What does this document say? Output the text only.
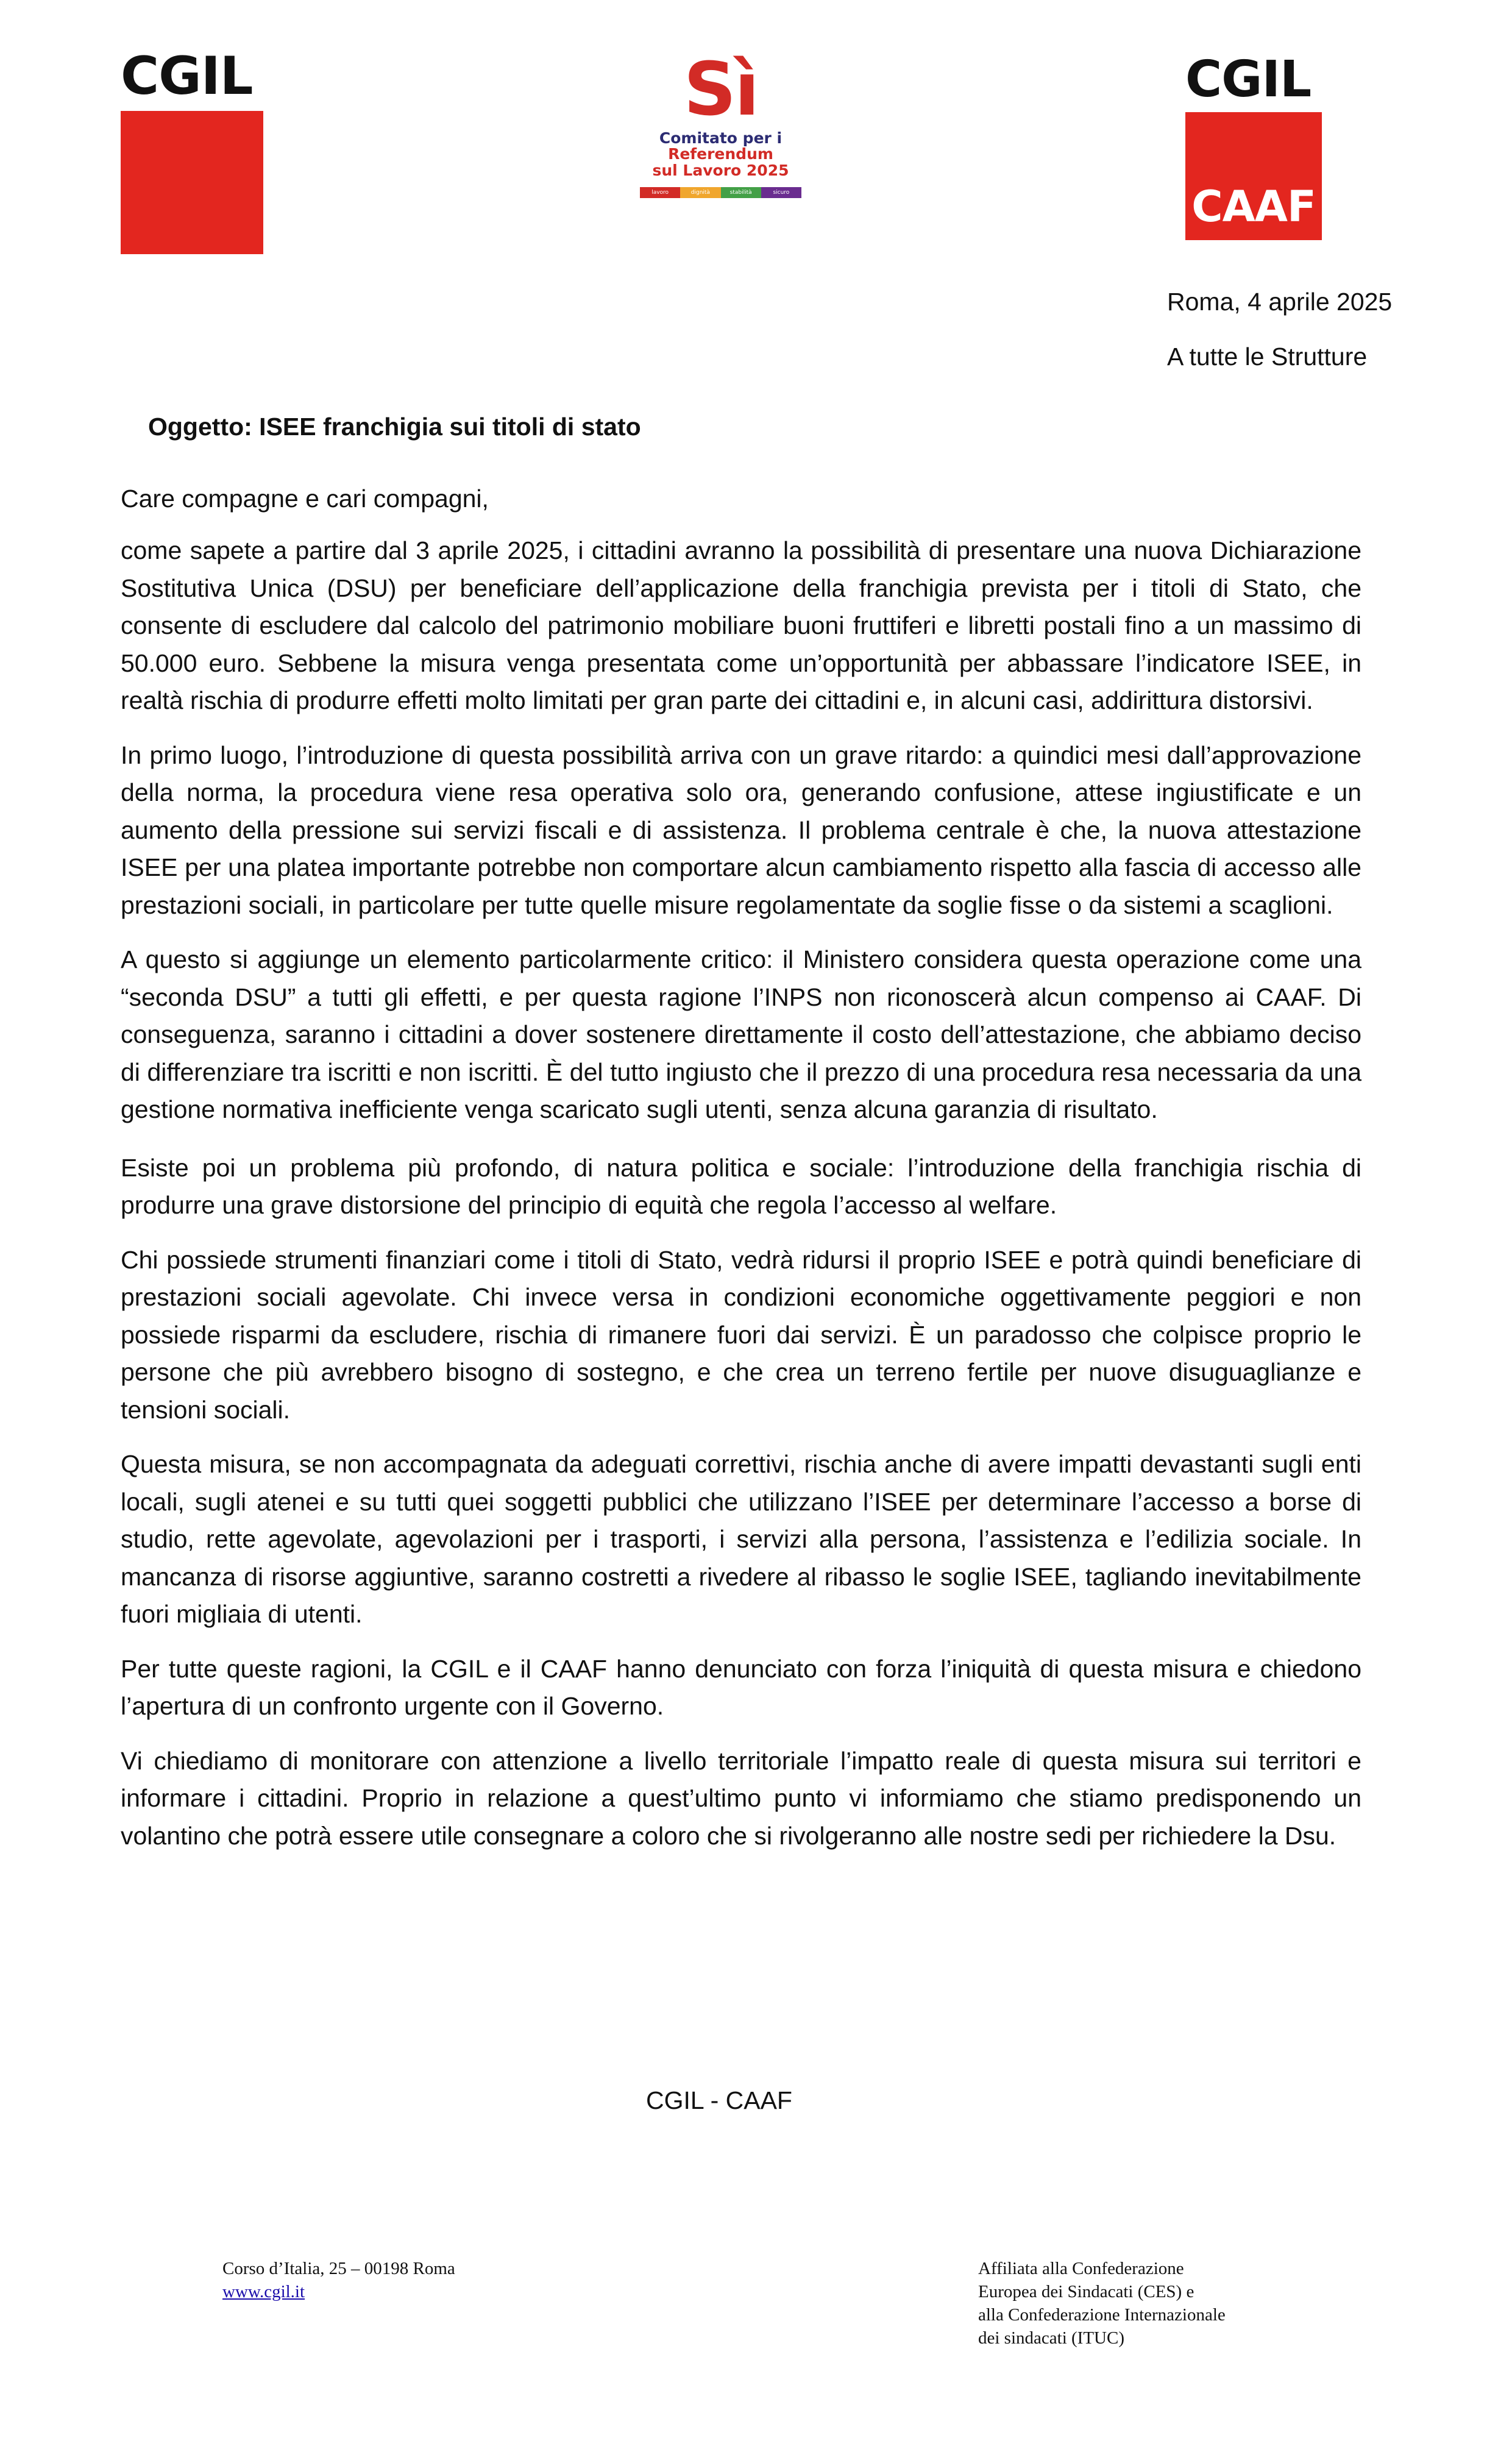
CGIL	Sì
Comitato per i
Referendum
sul Lavoro 2025
lavoro	dignità	stabilità	sicuro
CGIL
CAAF
Roma, 4 aprile 2025
A tutte le Strutture
Oggetto: ISEE franchigia sui titoli di stato
Care compagne e cari compagni,

come sapete a partire dal 3 aprile 2025, i cittadini avranno la possibilità di presentare una nuova Dichiarazione Sostitutiva Unica (DSU) per beneficiare dell’applicazione della franchigia prevista per i titoli di Stato, che consente di escludere dal calcolo del patrimonio mobiliare buoni fruttiferi e libretti postali fino a un massimo di 50.000 euro. Sebbene la misura venga presentata come un’opportunità per abbassare l’indicatore ISEE, in realtà rischia di produrre effetti molto limitati per gran parte dei cittadini e, in alcuni casi, addirittura distorsivi.

In primo luogo, l’introduzione di questa possibilità arriva con un grave ritardo: a quindici mesi dall’approvazione della norma, la procedura viene resa operativa solo ora, generando confusione, attese ingiustificate e un aumento della pressione sui servizi fiscali e di assistenza. Il problema centrale è che, la nuova attestazione ISEE per una platea importante potrebbe non comportare alcun cambiamento rispetto alla fascia di accesso alle prestazioni sociali, in particolare per tutte quelle misure regolamentate da soglie fisse o da sistemi a scaglioni.

A questo si aggiunge un elemento particolarmente critico: il Ministero considera questa operazione come una “seconda DSU” a tutti gli effetti, e per questa ragione l’INPS non riconoscerà alcun compenso ai CAAF. Di conseguenza, saranno i cittadini a dover sostenere direttamente il costo dell’attestazione, che abbiamo deciso di differenziare tra iscritti e non iscritti. È del tutto ingiusto che il prezzo di una procedura resa necessaria da una gestione normativa inefficiente venga scaricato sugli utenti, senza alcuna garanzia di risultato.

Esiste poi un problema più profondo, di natura politica e sociale: l’introduzione della franchigia rischia di produrre una grave distorsione del principio di equità che regola l’accesso al welfare.

Chi possiede strumenti finanziari come i titoli di Stato, vedrà ridursi il proprio ISEE e potrà quindi beneficiare di prestazioni sociali agevolate. Chi invece versa in condizioni economiche oggettivamente peggiori e non possiede risparmi da escludere, rischia di rimanere fuori dai servizi. È un paradosso che colpisce proprio le persone che più avrebbero bisogno di sostegno, e che crea un terreno fertile per nuove disuguaglianze e tensioni sociali.

Questa misura, se non accompagnata da adeguati correttivi, rischia anche di avere impatti devastanti sugli enti locali, sugli atenei e su tutti quei soggetti pubblici che utilizzano l’ISEE per determinare l’accesso a borse di studio, rette agevolate, agevolazioni per i trasporti, i servizi alla persona, l’assistenza e l’edilizia sociale. In mancanza di risorse aggiuntive, saranno costretti a rivedere al ribasso le soglie ISEE, tagliando inevitabilmente fuori migliaia di utenti.

Per tutte queste ragioni, la CGIL e il CAAF hanno denunciato con forza l’iniquità di questa misura e chiedono l’apertura di un confronto urgente con il Governo.

Vi chiediamo di monitorare con attenzione a livello territoriale l’impatto reale di questa misura sui territori e informare i cittadini. Proprio in relazione a quest’ultimo punto vi informiamo che stiamo predisponendo un volantino che potrà essere utile consegnare a coloro che si rivolgeranno alle nostre sedi per richiedere la Dsu.

CGIL - CAAF
Corso d’Italia, 25 – 00198 Roma
www.cgil.it
Affiliata alla Confederazione
Europea dei Sindacati (CES) e
alla Confederazione Internazionale
dei sindacati (ITUC)
